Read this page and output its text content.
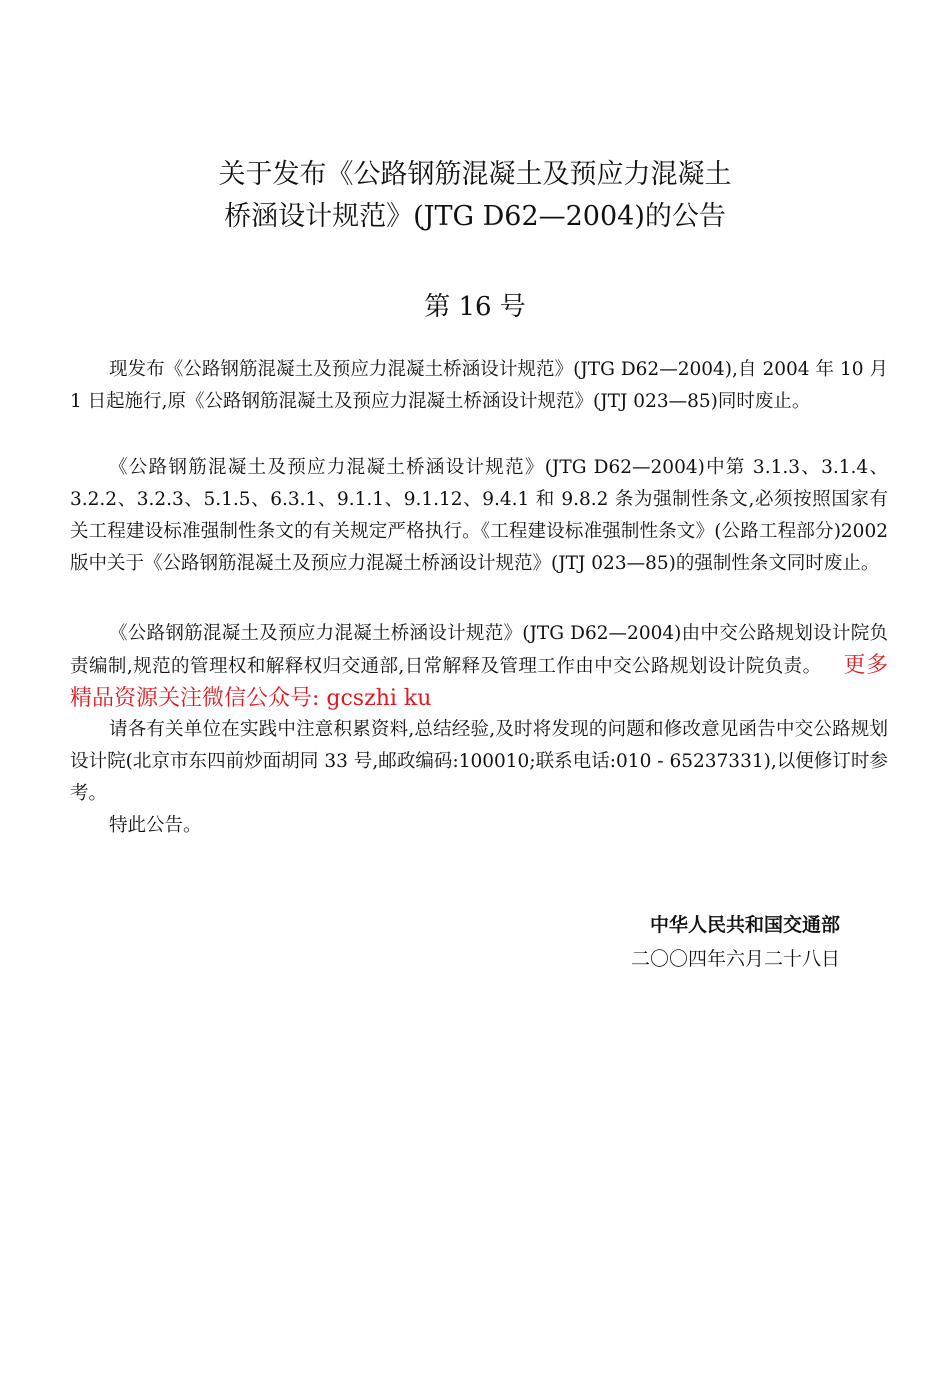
关于发布《公路钢筋混凝土及预应力混凝土
桥涵设计规范》(JTG D62—2004)的公告
第 16 号

现发布《公路钢筋混凝土及预应力混凝土桥涵设计规范》(JTG D62—2004),自 2004 年 10 月 1 日起施行,原《公路钢筋混凝土及预应力混凝土桥涵设计规范》(JTJ 023—85)同时废止。

《公路钢筋混凝土及预应力混凝土桥涵设计规范》(JTG D62—2004)中第 3.1.3、3.1.4、3.2.2、3.2.3、5.1.5、6.3.1、9.1.1、9.1.12、9.4.1 和 9.8.2 条为强制性条文,必须按照国家有关工程建设标准强制性条文的有关规定严格执行。《工程建设标准强制性条文》(公路工程部分)2002 版中关于《公路钢筋混凝土及预应力混凝土桥涵设计规范》(JTJ 023—85)的强制性条文同时废止。

《公路钢筋混凝土及预应力混凝土桥涵设计规范》(JTG D62—2004)由中交公路规划设计院负责编制,规范的管理权和解释权归交通部,日常解释及管理工作由中交公路规划设计院负责。 更多精品资源关注微信公众号: gcszhi ku

请各有关单位在实践中注意积累资料,总结经验,及时将发现的问题和修改意见函告中交公路规划设计院(北京市东四前炒面胡同 33 号,邮政编码:100010;联系电话:010 - 65237331),以便修订时参考。

特此公告。

中华人民共和国交通部
二〇〇四年六月二十八日
